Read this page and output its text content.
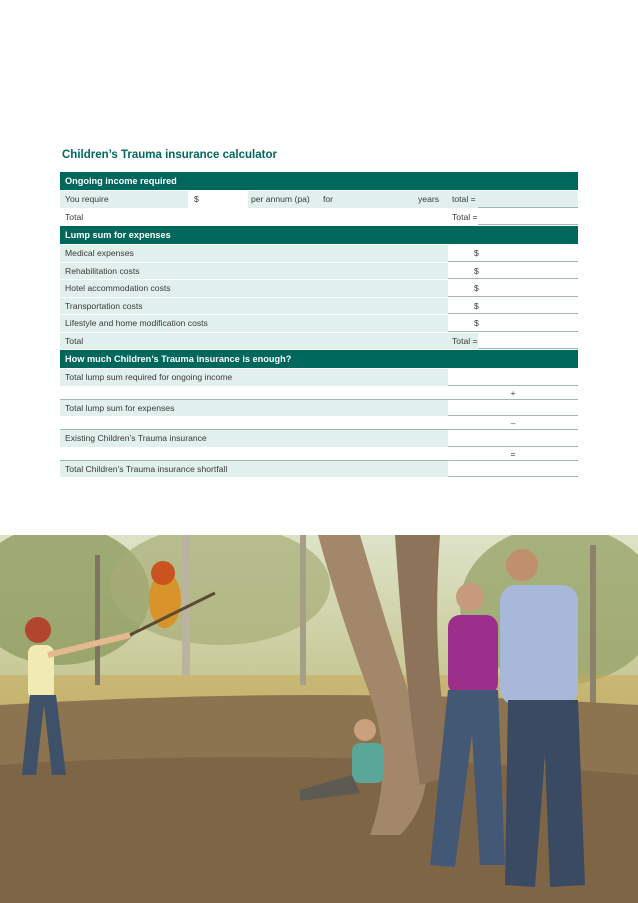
Children’s Trauma insurance calculator
Ongoing income required
You require	$	per annum (pa) for	years total =
Total	Total =
Lump sum for expenses
Medical expenses	$
Rehabilitation costs	$
Hotel accommodation costs	$
Transportation costs	$
Lifestyle and home modification costs	$
Total	Total =
How much Children’s Trauma insurance is enough?
Total lump sum required for ongoing income
+
Total lump sum for expenses
–
Existing Children’s Trauma insurance
=
Total Children’s Trauma insurance shortfall
